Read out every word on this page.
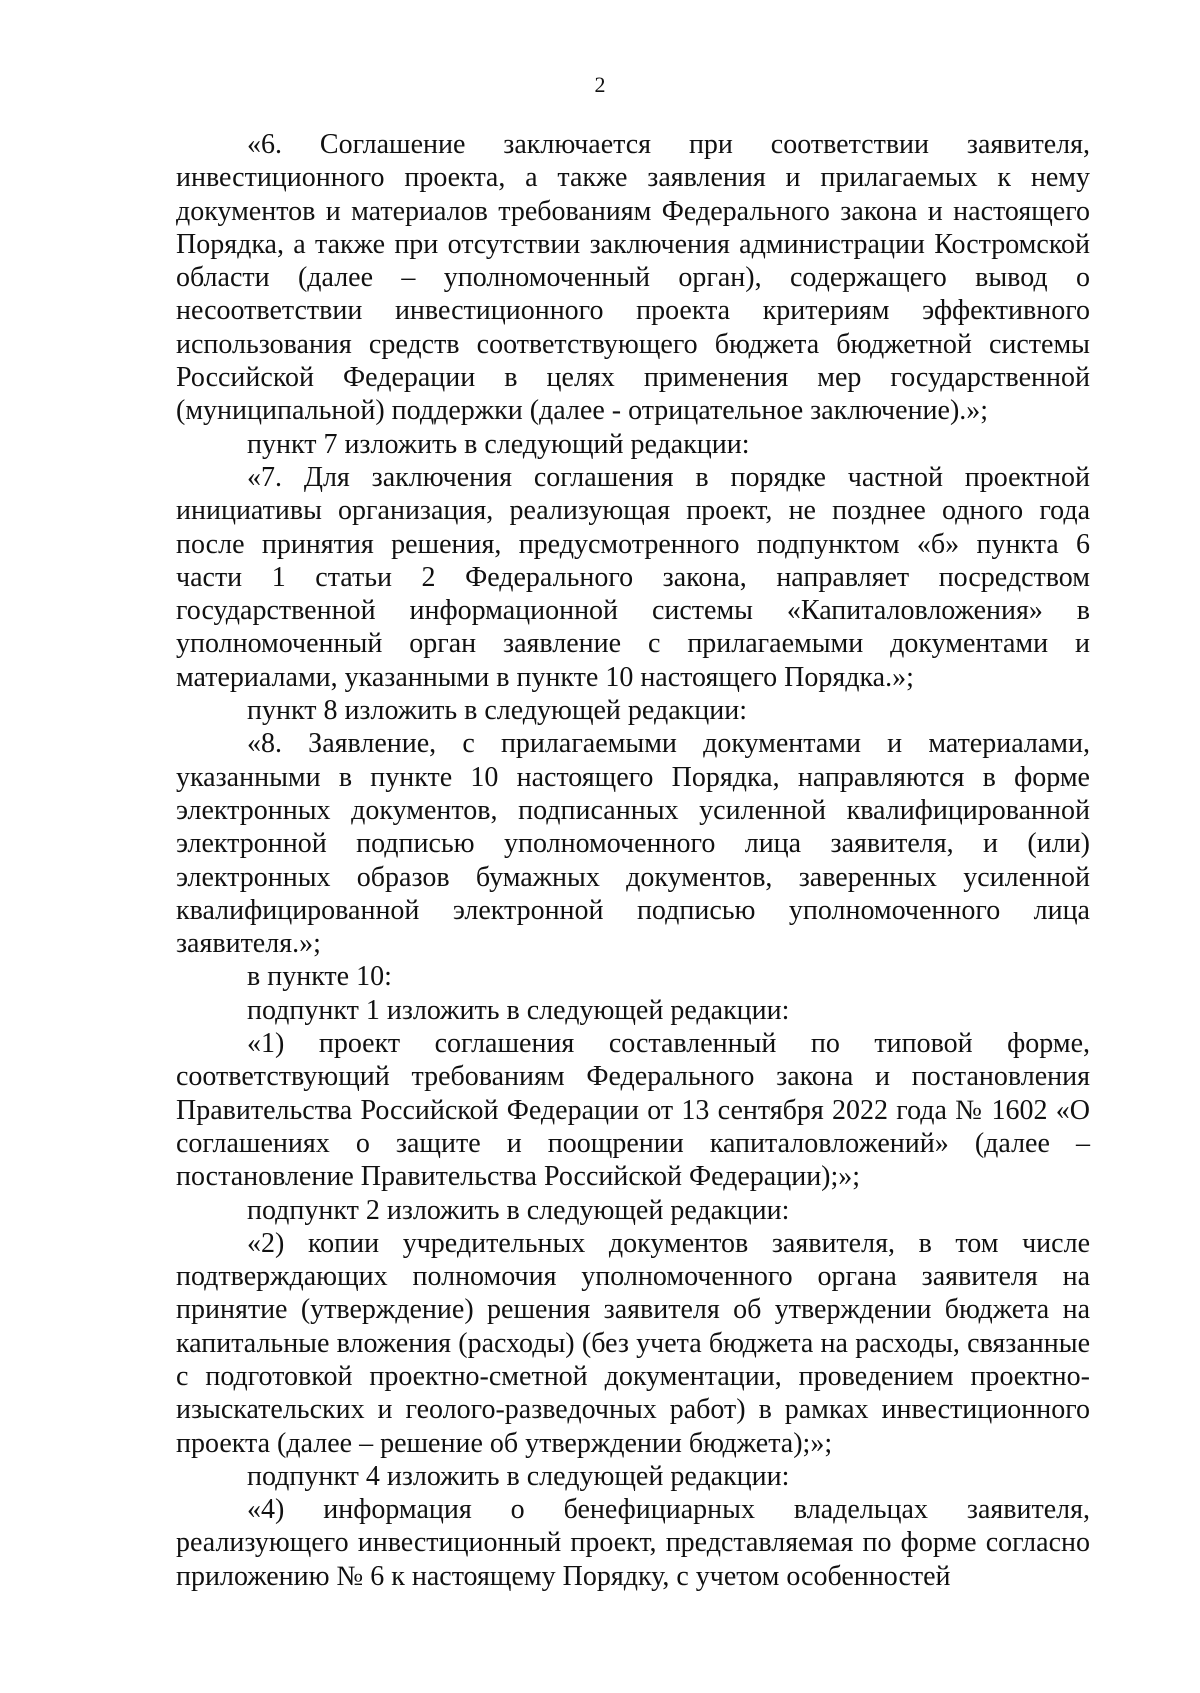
2

«6. Соглашение заключается при соответствии заявителя, инвестиционного проекта, а также заявления и прилагаемых к нему документов и материалов требованиям Федерального закона и настоящего Порядка, а также при отсутствии заключения администрации Костромской области (далее – уполномоченный орган), содержащего вывод о несоответствии инвестиционного проекта критериям эффективного использования средств соответствующего бюджета бюджетной системы Российской Федерации в целях применения мер государственной (муниципальной) поддержки (далее - отрицательное заключение).»;

пункт 7 изложить в следующий редакции:

«7. Для заключения соглашения в порядке частной проектной инициативы организация, реализующая проект, не позднее одного года после принятия решения, предусмотренного подпунктом «б» пункта 6 части 1 статьи 2 Федерального закона, направляет посредством государственной информационной системы «Капиталовложения» в уполномоченный орган заявление с прилагаемыми документами и материалами, указанными в пункте 10 настоящего Порядка.»;

пункт 8 изложить в следующей редакции:

«8. Заявление, с прилагаемыми документами и материалами, указанными в пункте 10 настоящего Порядка, направляются в форме электронных документов, подписанных усиленной квалифицированной электронной подписью уполномоченного лица заявителя, и (или) электронных образов бумажных документов, заверенных усиленной квалифицированной электронной подписью уполномоченного лица заявителя.»;

в пункте 10:

подпункт 1 изложить в следующей редакции:

«1) проект соглашения составленный по типовой форме, соответствующий требованиям Федерального закона и постановления Правительства Российской Федерации от 13 сентября 2022 года № 1602 «О соглашениях о защите и поощрении капиталовложений» (далее – постановление Правительства Российской Федерации);»;

подпункт 2 изложить в следующей редакции:

«2) копии учредительных документов заявителя, в том числе подтверждающих полномочия уполномоченного органа заявителя на принятие (утверждение) решения заявителя об утверждении бюджета на капитальные вложения (расходы) (без учета бюджета на расходы, связанные с подготовкой проектно-сметной документации, проведением проектно-изыскательских и геолого-разведочных работ) в рамках инвестиционного проекта (далее – решение об утверждении бюджета);»;

подпункт 4 изложить в следующей редакции:

«4) информация о бенефициарных владельцах заявителя, реализующего инвестиционный проект, представляемая по форме согласно приложению № 6 к настоящему Порядку, с учетом особенностей
